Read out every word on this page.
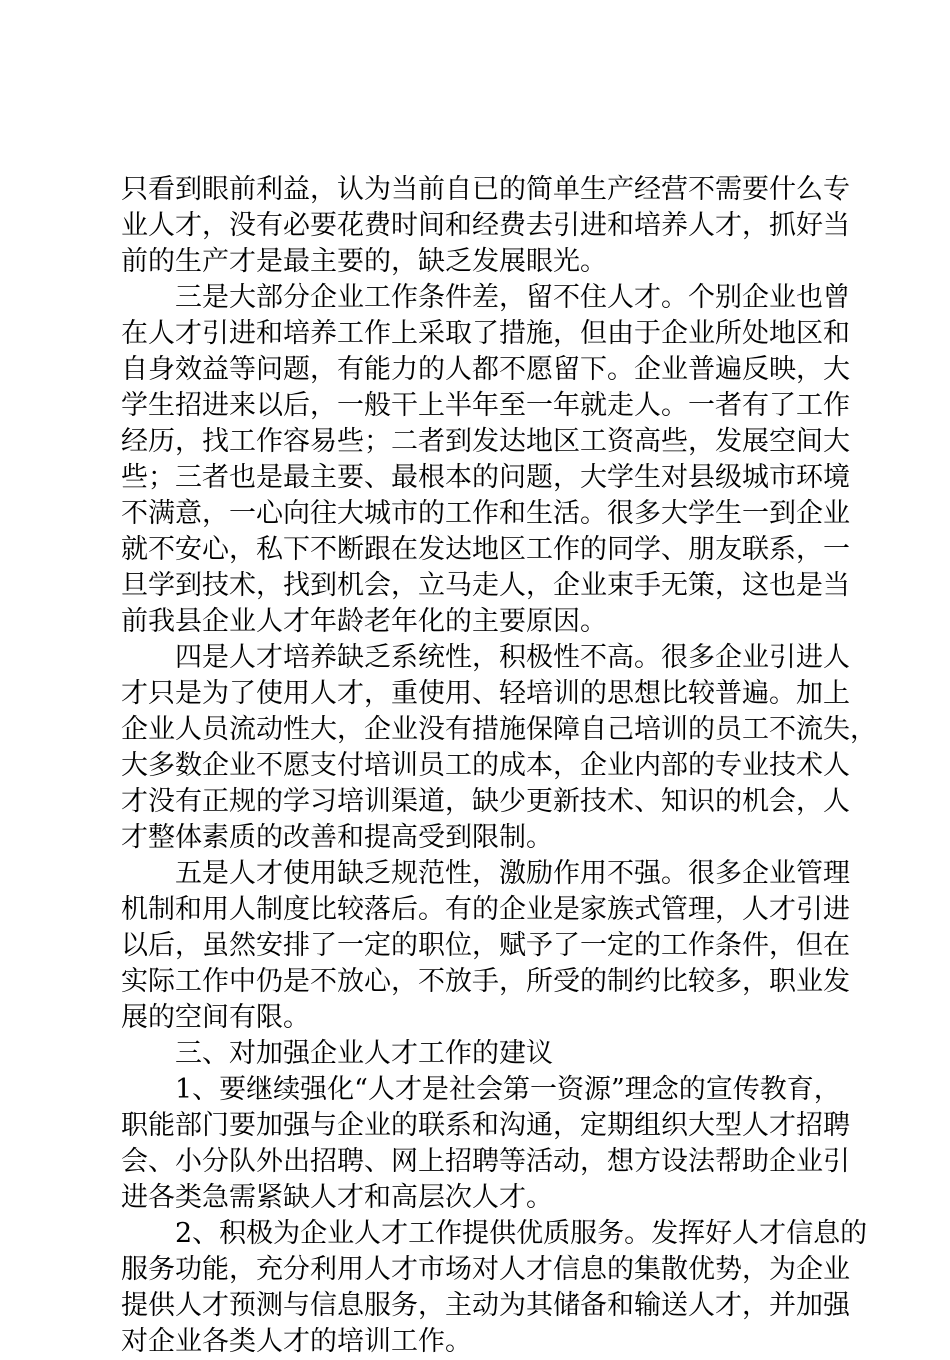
只看到眼前利益，认为当前自已的简单生产经营不需要什么专
业人才，没有必要花费时间和经费去引进和培养人才，抓好当
前的生产才是最主要的，缺乏发展眼光。
三是大部分企业工作条件差，留不住人才。个别企业也曾
在人才引进和培养工作上采取了措施，但由于企业所处地区和
自身效益等问题，有能力的人都不愿留下。企业普遍反映，大
学生招进来以后，一般干上半年至一年就走人。一者有了工作
经历，找工作容易些；二者到发达地区工资高些，发展空间大
些；三者也是最主要、最根本的问题，大学生对县级城市环境
不满意，一心向往大城市的工作和生活。很多大学生一到企业
就不安心，私下不断跟在发达地区工作的同学、朋友联系，一
旦学到技术，找到机会，立马走人，企业束手无策，这也是当
前我县企业人才年龄老年化的主要原因。
四是人才培养缺乏系统性，积极性不高。很多企业引进人
才只是为了使用人才，重使用、轻培训的思想比较普遍。加上
企业人员流动性大，企业没有措施保障自己培训的员工不流失，
大多数企业不愿支付培训员工的成本，企业内部的专业技术人
才没有正规的学习培训渠道，缺少更新技术、知识的机会，人
才整体素质的改善和提高受到限制。
五是人才使用缺乏规范性，激励作用不强。很多企业管理
机制和用人制度比较落后。有的企业是家族式管理，人才引进
以后，虽然安排了一定的职位，赋予了一定的工作条件，但在
实际工作中仍是不放心，不放手，所受的制约比较多，职业发
展的空间有限。
三、对加强企业人才工作的建议
1、要继续强化“人才是社会第一资源”理念的宣传教育，
职能部门要加强与企业的联系和沟通，定期组织大型人才招聘
会、小分队外出招聘、网上招聘等活动，想方设法帮助企业引
进各类急需紧缺人才和高层次人才。
2、积极为企业人才工作提供优质服务。发挥好人才信息的
服务功能，充分利用人才市场对人才信息的集散优势，为企业
提供人才预测与信息服务，主动为其储备和输送人才，并加强
对企业各类人才的培训工作。
